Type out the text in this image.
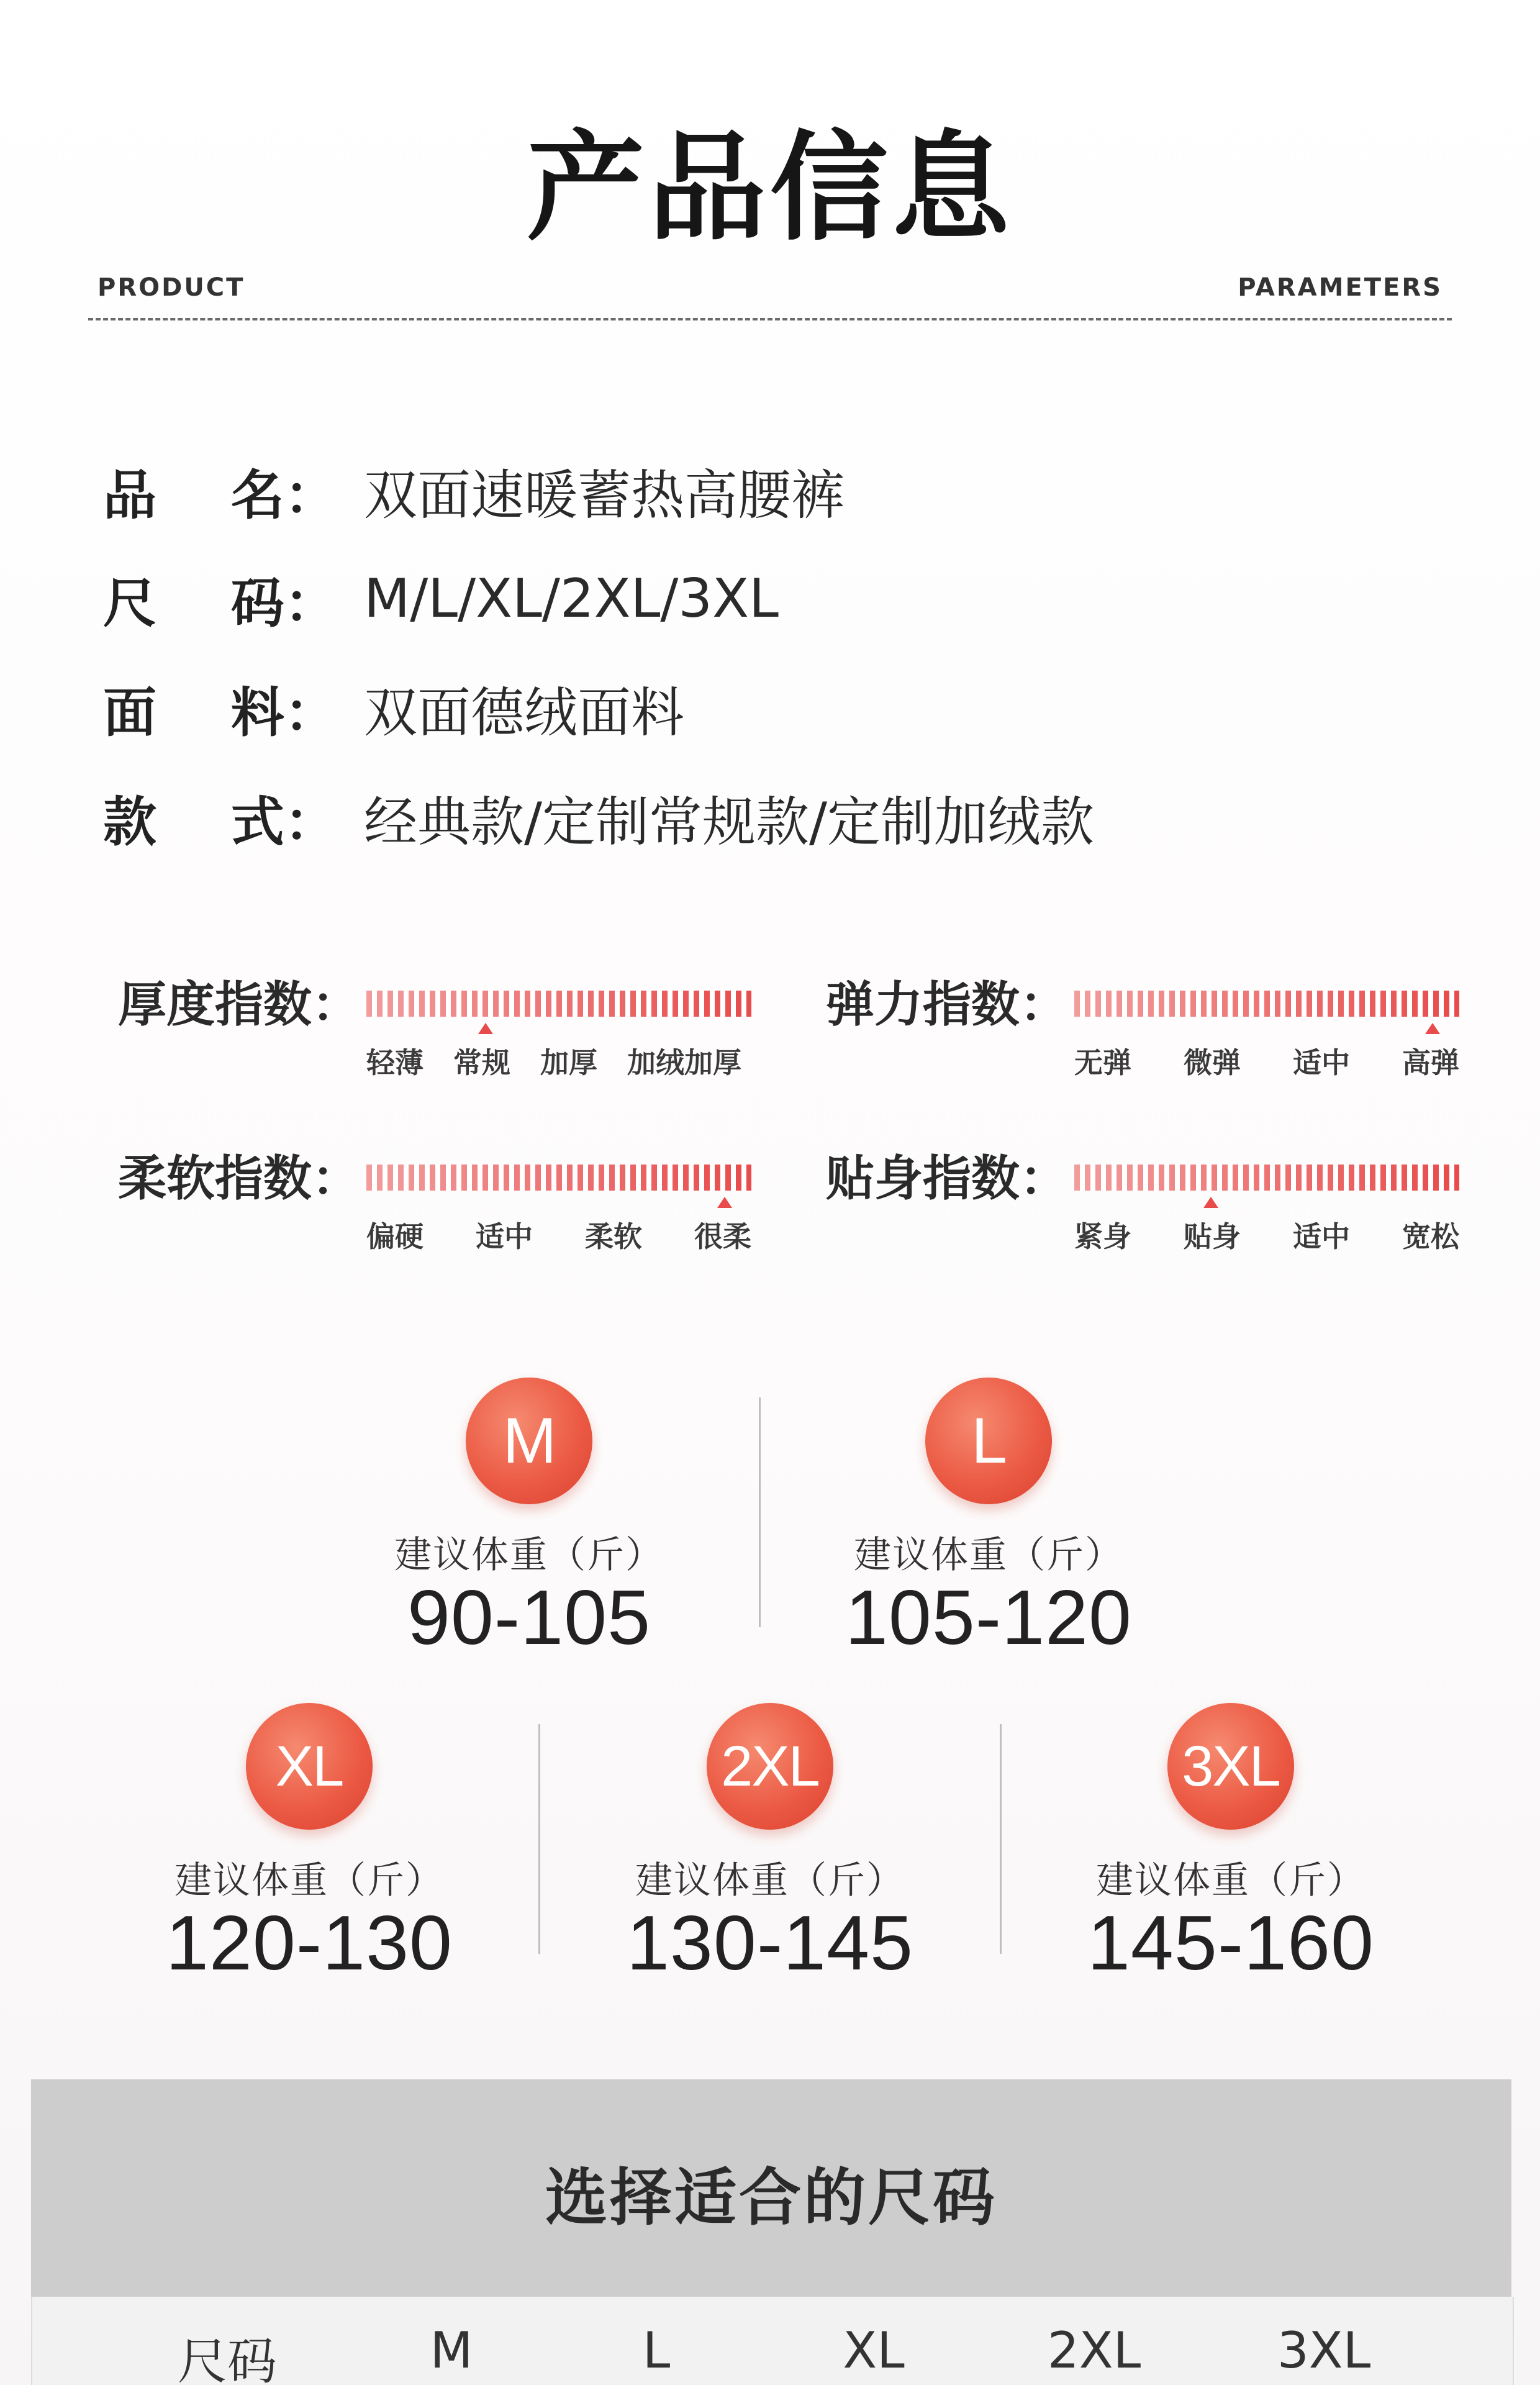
产品信息
PRODUCT	PARAMETERS
品    名： 双面速暖蓄热高腰裤
尺    码： M/L/XL/2XL/3XL
面    料： 双面德绒面料
款    式： 经典款/定制常规款/定制加绒款
厚度指数：
轻薄 常规 加厚 加绒加厚
弹力指数：
无弹 微弹 适中 高弹
柔软指数：
偏硬 适中 柔软 很柔
贴身指数：
紧身 贴身 适中 宽松
M
建议体重（斤）
90-105
L
建议体重（斤）
105-120
XL
建议体重（斤）
120-130
2XL
建议体重（斤）
130-145
3XL
建议体重（斤）
145-160
选择适合的尺码
尺码	M	L	XL	2XL	3XL
